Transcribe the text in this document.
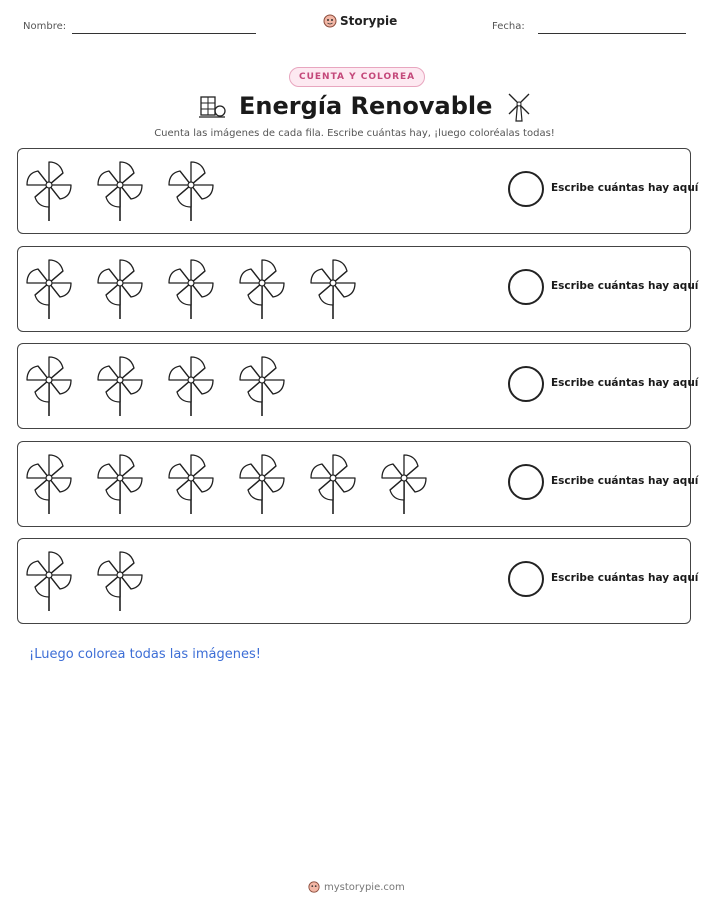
Nombre:	Storypie	Fecha:
CUENTA Y COLOREA
Energía Renovable
Cuenta las imágenes de cada fila. Escribe cuántas hay, ¡luego coloréalas todas!
Escribe cuántas hay aquí
Escribe cuántas hay aquí
Escribe cuántas hay aquí
Escribe cuántas hay aquí
Escribe cuántas hay aquí
¡Luego colorea todas las imágenes!
mystorypie.com
